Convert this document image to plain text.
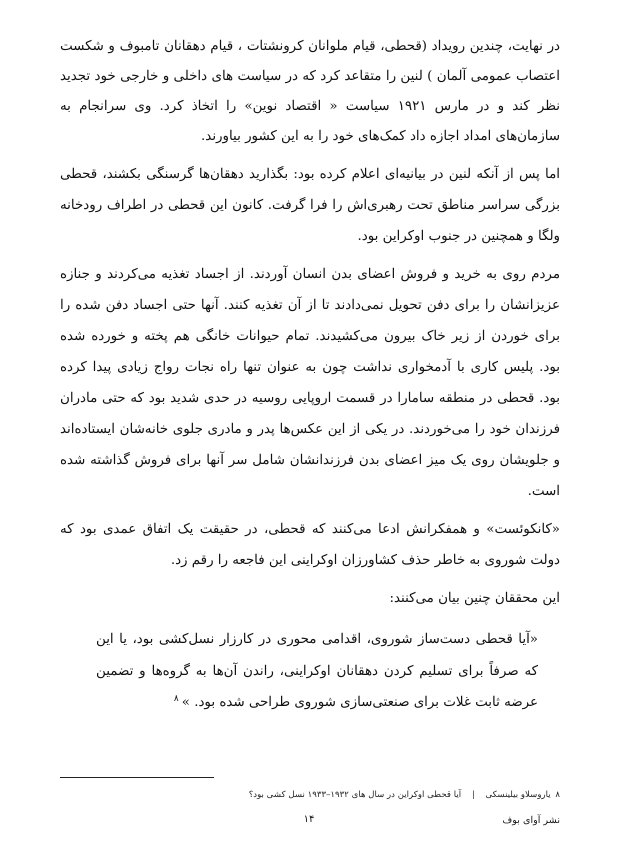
در نهایت، چندین رویداد (قحطی، قیام ملوانان کرونشتات ، قیام دهقانان تامبوف و شکست اعتصاب عمومی آلمان ) لنین را متقاعد کرد که در سیاست های داخلی و خارجی خود تجدید نظر کند و در مارس ۱۹۲۱ سیاست « اقتصاد نوین» را اتخاذ کرد. وی سرانجام به سازمان‌های امداد اجازه داد کمک‌های خود را به این کشور بیاورند.

اما پس از آنکه لنین در بیانیه‌ای اعلام کرده بود: بگذارید دهقان‌ها گرسنگی بکشند، قحطی بزرگی سراسر مناطق تحت رهبری‌اش را فرا گرفت. کانون این قحطی در اطراف رودخانه ولگا و همچنین در جنوب اوکراین بود.

مردم روی به خرید و فروش اعضای بدن انسان آوردند. از اجساد تغذیه می‌کردند و جنازه عزیزانشان را برای دفن تحویل نمی‌دادند تا از آن تغذیه کنند. آنها حتی اجساد دفن شده را برای خوردن از زیر خاک بیرون می‌کشیدند. تمام حیوانات خانگی هم پخته و خورده شده بود. پلیس کاری با آدمخواری نداشت چون به عنوان تنها راه نجات رواج زیادی پیدا کرده بود. قحطی در منطقه سامارا در قسمت اروپایی روسیه در حدی شدید بود که حتی مادران فرزندان خود را می‌خوردند. در یکی از این عکس‌ها پدر و مادری جلوی خانه‌شان ایستاده‌اند و جلویشان روی یک میز اعضای بدن فرزندانشان شامل سر آنها برای فروش گذاشته شده است.

«کانکوئست» و همفکرانش ادعا می‌کنند که قحطی، در حقیقت یک اتفاق عمدی بود که دولت شوروی به خاطر حذف کشاورزان اوکراینی این فاجعه را رقم زد.

این محققان چنین بیان می‌کنند:

«آیا قحطی دست‌ساز شوروی، اقدامی محوری در کارزار نسل‌کشی بود، یا این که صرفاً برای تسلیم کردن دهقانان اوکراینی، راندن آن‌ها به گروه‌ها و تضمین عرضه ثابت غلات برای صنعتی‌سازی شوروی طراحی شده بود. »$^۸$

۸ یاروسلاو بیلینسکی | آیا قحطی اوکراین در سال های ۱۹۳۲–۱۹۳۳ نسل کشی بود؟
۱۴	نشر آوای بوف
